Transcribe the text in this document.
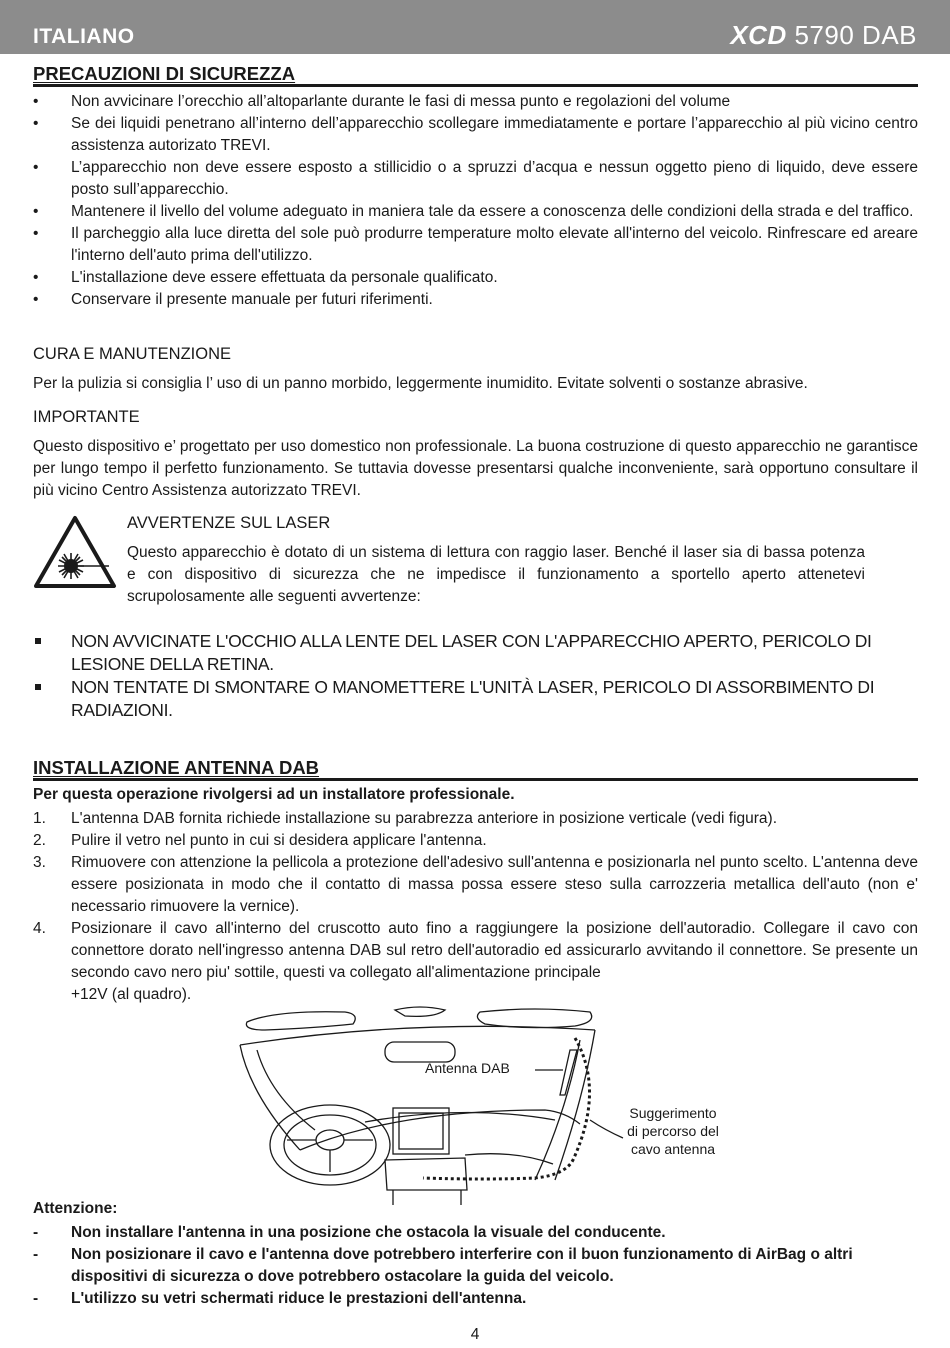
ITALIANO	XCD 5790 DAB
PRECAUZIONI DI SICUREZZA
•	Non avvicinare l’orecchio all’altoparlante durante le fasi di messa punto e regolazioni del volume
•	Se dei liquidi penetrano all’interno dell’apparecchio scollegare immediatamente e portare l’apparecchio al più vicino centro assistenza autorizato TREVI.
•	L’apparecchio non deve essere esposto a stillicidio o a spruzzi d’acqua e nessun oggetto pieno di liquido, deve essere posto sull’apparecchio.
•	Mantenere il livello del volume adeguato in maniera tale da essere a conoscenza delle condizioni della strada e del traffico.
•	Il parcheggio alla luce diretta del sole può produrre temperature molto elevate all'interno del veicolo. Rinfrescare ed areare l'interno dell'auto prima dell'utilizzo.
•	L'installazione deve essere effettuata da personale qualificato.
•	Conservare il presente manuale per futuri riferimenti.
CURA E MANUTENZIONE
Per la pulizia si consiglia l’ uso di un panno morbido, leggermente inumidito. Evitate solventi o sostanze abrasive.
IMPORTANTE
Questo dispositivo e’ progettato per uso domestico non professionale. La buona costruzione di questo apparecchio ne garantisce per lungo tempo il perfetto funzionamento. Se tuttavia dovesse presentarsi qualche inconveniente, sarà opportuno consultare il più vicino Centro Assistenza autorizzato TREVI.
AVVERTENZE SUL LASER
Questo apparecchio è dotato di un sistema di lettura con raggio laser. Benché il laser sia di bassa potenza e con dispositivo di sicurezza che ne impedisce il funzionamento a sportello aperto attenetevi scrupolosamente alle seguenti avvertenze:
NON AVVICINATE L'OCCHIO ALLA LENTE DEL LASER CON L'APPARECCHIO APERTO, PERICOLO DI LESIONE DELLA RETINA.
NON TENTATE DI SMONTARE O MANOMETTERE L'UNITÀ LASER, PERICOLO DI ASSORBIMENTO DI RADIAZIONI.
INSTALLAZIONE ANTENNA DAB
Per questa operazione rivolgersi ad un installatore professionale.
1. L'antenna DAB fornita richiede installazione su parabrezza anteriore in posizione verticale (vedi figura).
2. Pulire il vetro nel punto in cui si desidera applicare l'antenna.
3. Rimuovere con attenzione la pellicola a protezione dell'adesivo sull'antenna e posizionarla nel punto scelto. L'antenna deve essere posizionata in modo che il contatto di massa possa essere steso sulla carrozzeria metallica dell'auto (non e' necessario rimuovere la vernice).
4. Posizionare il cavo all'interno del cruscotto auto fino a raggiungere la posizione dell'autoradio. Collegare il cavo con connettore dorato nell'ingresso antenna DAB sul retro dell'autoradio ed assicurarlo avvitando il connettore. Se presente un secondo cavo nero piu' sottile, questi va collegato all'alimentazione principale
+12V (al quadro).
Antenna DAB
Suggerimento
di percorso del
cavo antenna
Attenzione:
- Non installare l'antenna in una posizione che ostacola la visuale del conducente.
- Non posizionare il cavo e l'antenna dove potrebbero interferire con il buon funzionamento di AirBag o altri dispositivi di sicurezza o dove potrebbero ostacolare la guida del veicolo.
- L'utilizzo su vetri schermati riduce le prestazioni dell'antenna.
4
